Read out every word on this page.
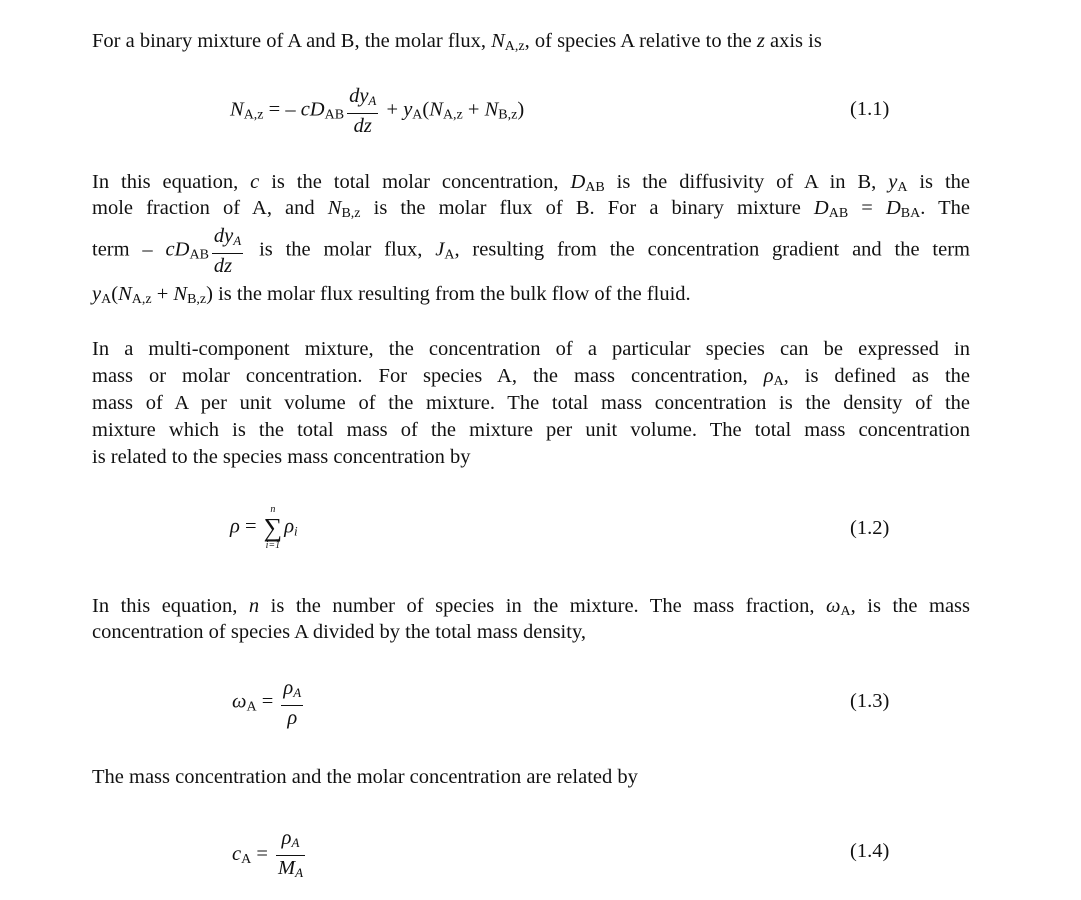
For a binary mixture of A and B, the molar flux, $N_{A,z}$, of species A relative to the z axis is
$N_{A,z}$ = – $cD_{AB} \frac{\text{dyA}}{dz} + y_A(N_{A,z} + N_{B,z})$	(1.1)
In this equation, c is the total molar concentration, $D_{AB}$ is the diffusivity of A in B, $y_A$ is the
mole fraction of A, and $N_{B,z}$ is the molar flux of B. For a binary mixture $D_{AB} = D_{BA}$. The
term – $cD_{AB} \frac{\text{dyA}}{dz}$ is the molar flux, $J_A$, resulting from the concentration gradient and the term
$y_A(N_{A,z} + N_{B,z})$ is the molar flux resulting from the bulk flow of the fluid.
In a multi-component mixture, the concentration of a particular species can be expressed in
mass or molar concentration. For species A, the mass concentration, $\rho_A$, is defined as the
mass of A per unit volume of the mixture. The total mass concentration is the density of the
mixture which is the total mass of the mixture per unit volume. The total mass concentration
is related to the species mass concentration by
ρ =
n
∑
i=1
ρi	(1.2)
In this equation, n is the number of species in the mixture. The mass fraction, $\omega_A$, is the mass
concentration of species A divided by the total mass density,
$\omega_A = \frac{\rho A}{\rho}$	(1.3)
The mass concentration and the molar concentration are related by
$c_A = \frac{\rho A}{MA}$	(1.4)
